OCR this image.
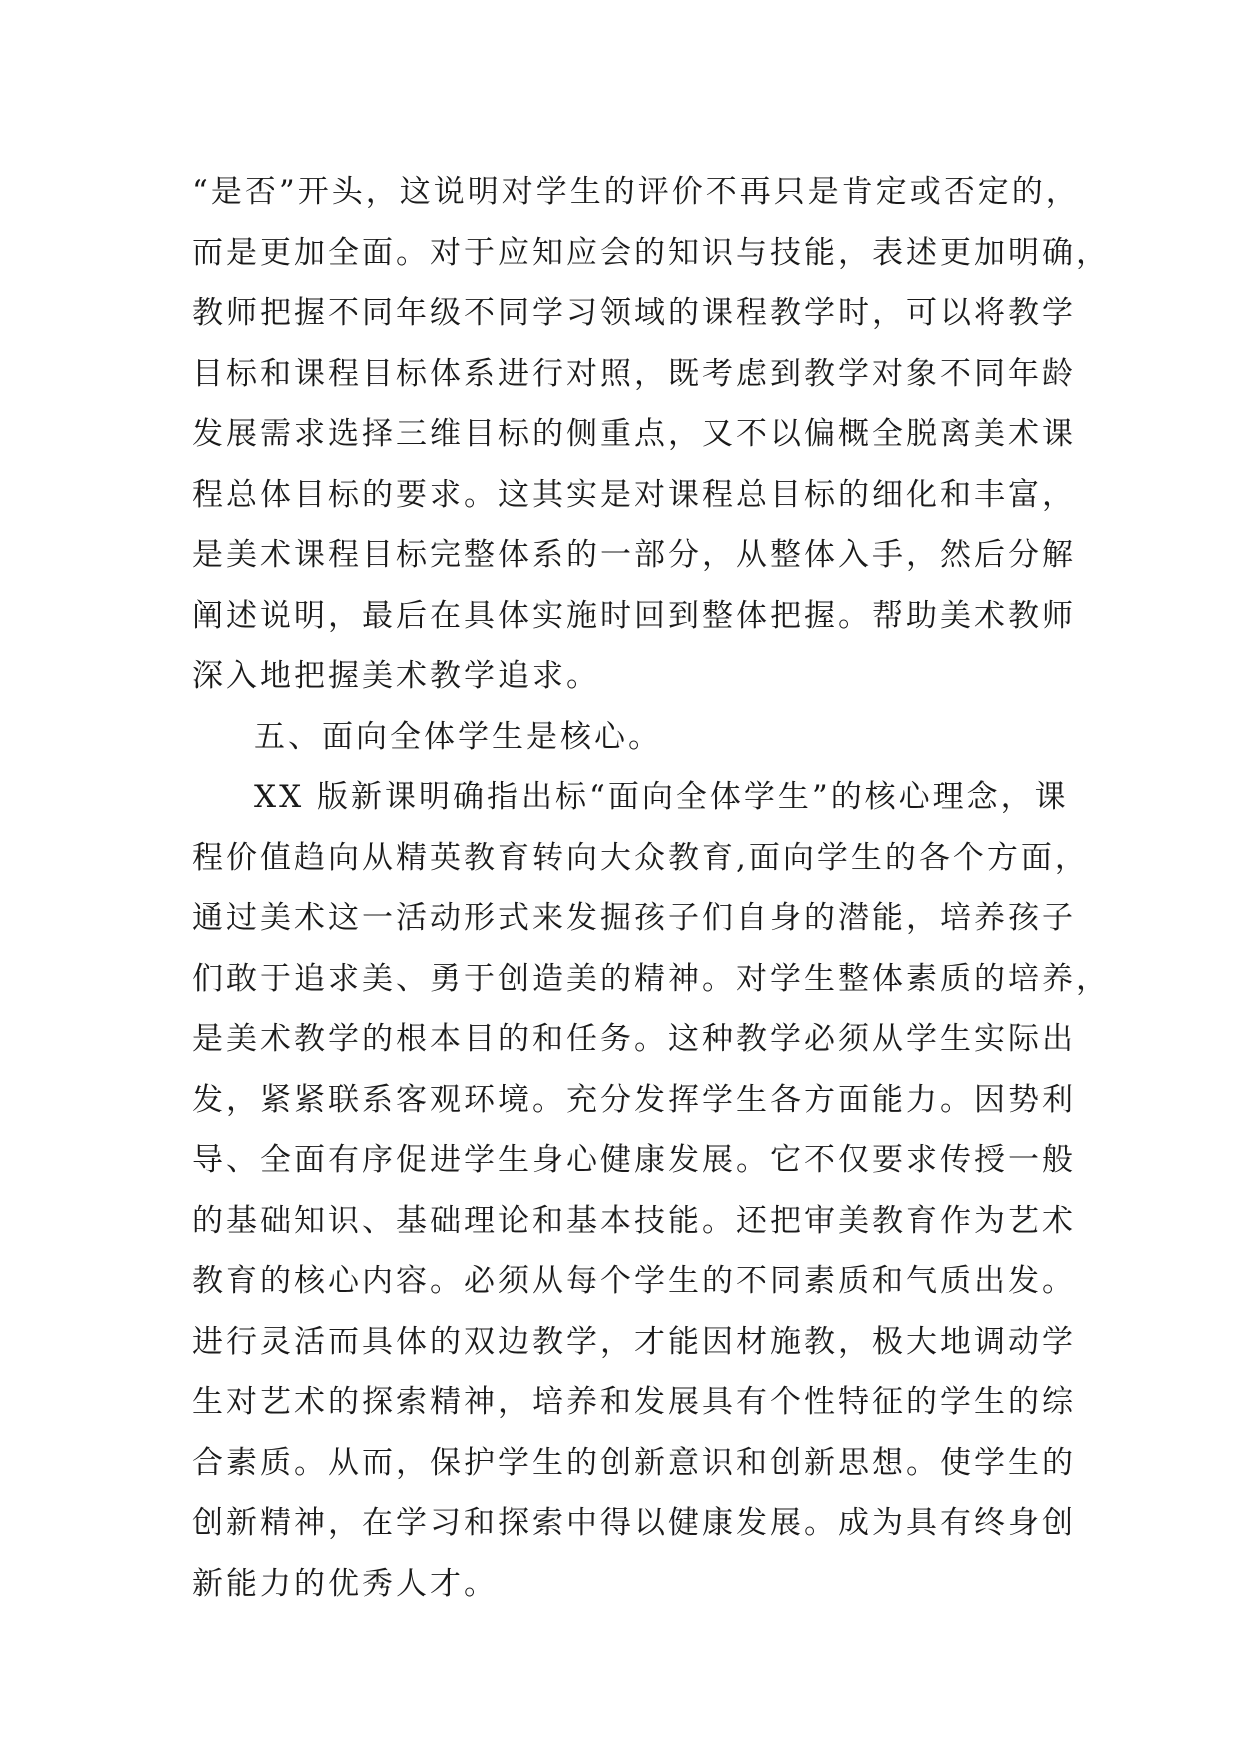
“是否”开头，这说明对学生的评价不再只是肯定或否定的，
而是更加全面。对于应知应会的知识与技能，表述更加明确，
教师把握不同年级不同学习领域的课程教学时，可以将教学
目标和课程目标体系进行对照，既考虑到教学对象不同年龄
发展需求选择三维目标的侧重点，又不以偏概全脱离美术课
程总体目标的要求。这其实是对课程总目标的细化和丰富，
是美术课程目标完整体系的一部分，从整体入手，然后分解
阐述说明，最后在具体实施时回到整体把握。帮助美术教师
深入地把握美术教学追求。
五、面向全体学生是核心。
XX 版新课明确指出标“面向全体学生”的核心理念，课
程价值趋向从精英教育转向大众教育,面向学生的各个方面，
通过美术这一活动形式来发掘孩子们自身的潜能，培养孩子
们敢于追求美、勇于创造美的精神。对学生整体素质的培养，
是美术教学的根本目的和任务。这种教学必须从学生实际出
发，紧紧联系客观环境。充分发挥学生各方面能力。因势利
导、全面有序促进学生身心健康发展。它不仅要求传授一般
的基础知识、基础理论和基本技能。还把审美教育作为艺术
教育的核心内容。必须从每个学生的不同素质和气质出发。
进行灵活而具体的双边教学，才能因材施教，极大地调动学
生对艺术的探索精神，培养和发展具有个性特征的学生的综
合素质。从而，保护学生的创新意识和创新思想。使学生的
创新精神，在学习和探索中得以健康发展。成为具有终身创
新能力的优秀人才。
